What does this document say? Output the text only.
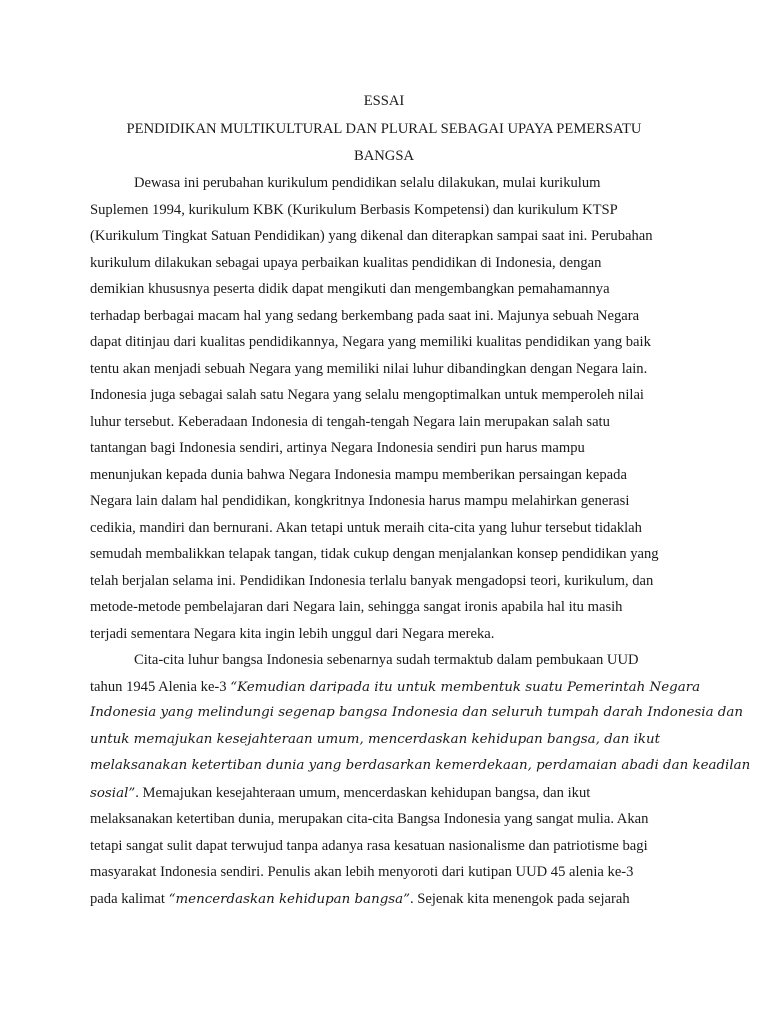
ESSAI
PENDIDIKAN MULTIKULTURAL DAN PLURAL SEBAGAI UPAYA PEMERSATU
BANGSA
Dewasa ini perubahan kurikulum pendidikan selalu dilakukan, mulai kurikulum
Suplemen 1994, kurikulum KBK (Kurikulum Berbasis Kompetensi) dan kurikulum KTSP
(Kurikulum Tingkat Satuan Pendidikan) yang dikenal dan diterapkan sampai saat ini. Perubahan
kurikulum dilakukan sebagai upaya perbaikan kualitas pendidikan di Indonesia, dengan
demikian khususnya peserta didik dapat mengikuti dan mengembangkan pemahamannya
terhadap berbagai macam hal yang sedang berkembang pada saat ini. Majunya sebuah Negara
dapat ditinjau dari kualitas pendidikannya, Negara yang memiliki kualitas pendidikan yang baik
tentu akan menjadi sebuah Negara yang memiliki nilai luhur dibandingkan dengan Negara lain.
Indonesia juga sebagai salah satu Negara yang selalu mengoptimalkan untuk memperoleh nilai
luhur tersebut. Keberadaan Indonesia di tengah-tengah Negara lain merupakan salah satu
tantangan bagi Indonesia sendiri, artinya Negara Indonesia sendiri pun harus mampu
menunjukan kepada dunia bahwa Negara Indonesia mampu memberikan persaingan kepada
Negara lain dalam hal pendidikan, kongkritnya Indonesia harus mampu melahirkan generasi
cedikia, mandiri dan bernurani. Akan tetapi untuk meraih cita-cita yang luhur tersebut tidaklah
semudah membalikkan telapak tangan, tidak cukup dengan menjalankan konsep pendidikan yang
telah berjalan selama ini. Pendidikan Indonesia terlalu banyak mengadopsi teori, kurikulum, dan
metode-metode pembelajaran dari Negara lain, sehingga sangat ironis apabila hal itu masih
terjadi sementara Negara kita ingin lebih unggul dari Negara mereka.
Cita-cita luhur bangsa Indonesia sebenarnya sudah termaktub dalam pembukaan UUD
tahun 1945 Alenia ke-3 “Kemudian daripada itu untuk membentuk suatu Pemerintah Negara
Indonesia yang melindungi segenap bangsa Indonesia dan seluruh tumpah darah Indonesia dan
untuk memajukan kesejahteraan umum, mencerdaskan kehidupan bangsa, dan ikut
melaksanakan ketertiban dunia yang berdasarkan kemerdekaan, perdamaian abadi dan keadilan
sosial”. Memajukan kesejahteraan umum, mencerdaskan kehidupan bangsa, dan ikut
melaksanakan ketertiban dunia, merupakan cita-cita Bangsa Indonesia yang sangat mulia. Akan
tetapi sangat sulit dapat terwujud tanpa adanya rasa kesatuan nasionalisme dan patriotisme bagi
masyarakat Indonesia sendiri. Penulis akan lebih menyoroti dari kutipan UUD 45 alenia ke-3
pada kalimat “mencerdaskan kehidupan bangsa”. Sejenak kita menengok pada sejarah
